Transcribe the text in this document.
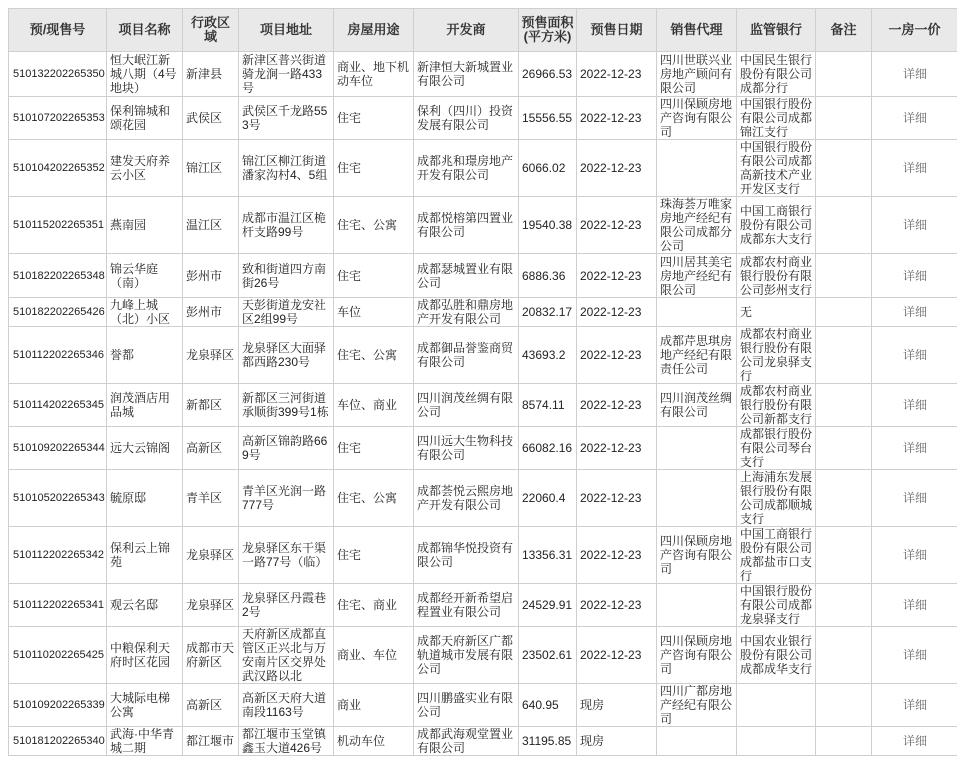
预/现售号	项目名称	行政区域	项目地址	房屋用途	开发商	预售面积(平方米)	预售日期	销售代理	监管银行	备注	一房一价
510132202265350	恒大岷江新城八期（4号地块）	新津县	新津区普兴街道骑龙涧一路433号	商业、地下机动车位	新津恒大新城置业有限公司	26966.53	2022-12-23	四川世联兴业房地产顾问有限公司	中国民生银行股份有限公司成都分行		详细
510107202265353	保利锦城和颂花园	武侯区	武侯区千龙路553号	住宅	保利（四川）投资发展有限公司	15556.55	2022-12-23	四川保顾房地产咨询有限公司	中国银行股份有限公司成都锦江支行		详细
510104202265352	建发天府养云小区	锦江区	锦江区柳江街道潘家沟村4、5组	住宅	成都兆和璟房地产开发有限公司	6066.02	2022-12-23		中国银行股份有限公司成都高新技术产业开发区支行		详细
510115202265351	燕南园	温江区	成都市温江区桅杆支路99号	住宅、公寓	成都悦榕第四置业有限公司	19540.38	2022-12-23	珠海荟万唯家房地产经纪有限公司成都分公司	中国工商银行股份有限公司成都东大支行		详细
510182202265348	锦云华庭（南）	彭州市	致和街道四方南街26号	住宅	成都瑟城置业有限公司	6886.36	2022-12-23	四川居其美宅房地产经纪有限公司	成都农村商业银行股份有限公司彭州支行		详细
510182202265426	九峰上城（北）小区	彭州市	天彭街道龙安社区2组99号	车位	成都弘胜和鼎房地产开发有限公司	20832.17	2022-12-23		无		详细
510112202265346	誉都	龙泉驿区	龙泉驿区大面驿都西路230号	住宅、公寓	成都御品誉鉴商贸有限公司	43693.2	2022-12-23	成都芹思琪房地产经纪有限责任公司	成都农村商业银行股份有限公司龙泉驿支行		详细
510114202265345	润茂酒店用品城	新都区	新都区三河街道承顺街399号1栋	车位、商业	四川润茂丝绸有限公司	8574.11	2022-12-23	四川润茂丝绸有限公司	成都农村商业银行股份有限公司新都支行		详细
510109202265344	远大云锦阁	高新区	高新区锦韵路669号	住宅	四川远大生物科技有限公司	66082.16	2022-12-23		成都银行股份有限公司琴台支行		详细
510105202265343	毓原邸	青羊区	青羊区光润一路777号	住宅、公寓	成都荟悦云熙房地产开发有限公司	22060.4	2022-12-23		上海浦东发展银行股份有限公司成都顺城支行		详细
510112202265342	保利云上锦苑	龙泉驿区	龙泉驿区东干渠一路77号（临）	住宅	成都锦华悦投资有限公司	13356.31	2022-12-23	四川保顾房地产咨询有限公司	中国工商银行股份有限公司成都盐市口支行		详细
510112202265341	观云名邸	龙泉驿区	龙泉驿区丹霞巷2号	住宅、商业	成都经开新希望启程置业有限公司	24529.91	2022-12-23		中国银行股份有限公司成都龙泉驿支行		详细
510110202265425	中粮保利天府时区花园	成都市天府新区	天府新区成都直管区正兴北与万安南片区交界处武汉路以北	商业、车位	成都天府新区广都轨道城市发展有限公司	23502.61	2022-12-23	四川保顾房地产咨询有限公司	中国农业银行股份有限公司成都成华支行		详细
510109202265339	大城际电梯公寓	高新区	高新区天府大道南段1163号	商业	四川鹏盛实业有限公司	640.95	现房	四川广都房地产经纪有限公司			详细
510181202265340	武海·中华青城二期	都江堰市	都江堰市玉堂镇鑫玉大道426号	机动车位	成都武海观堂置业有限公司	31195.85	现房				详细
